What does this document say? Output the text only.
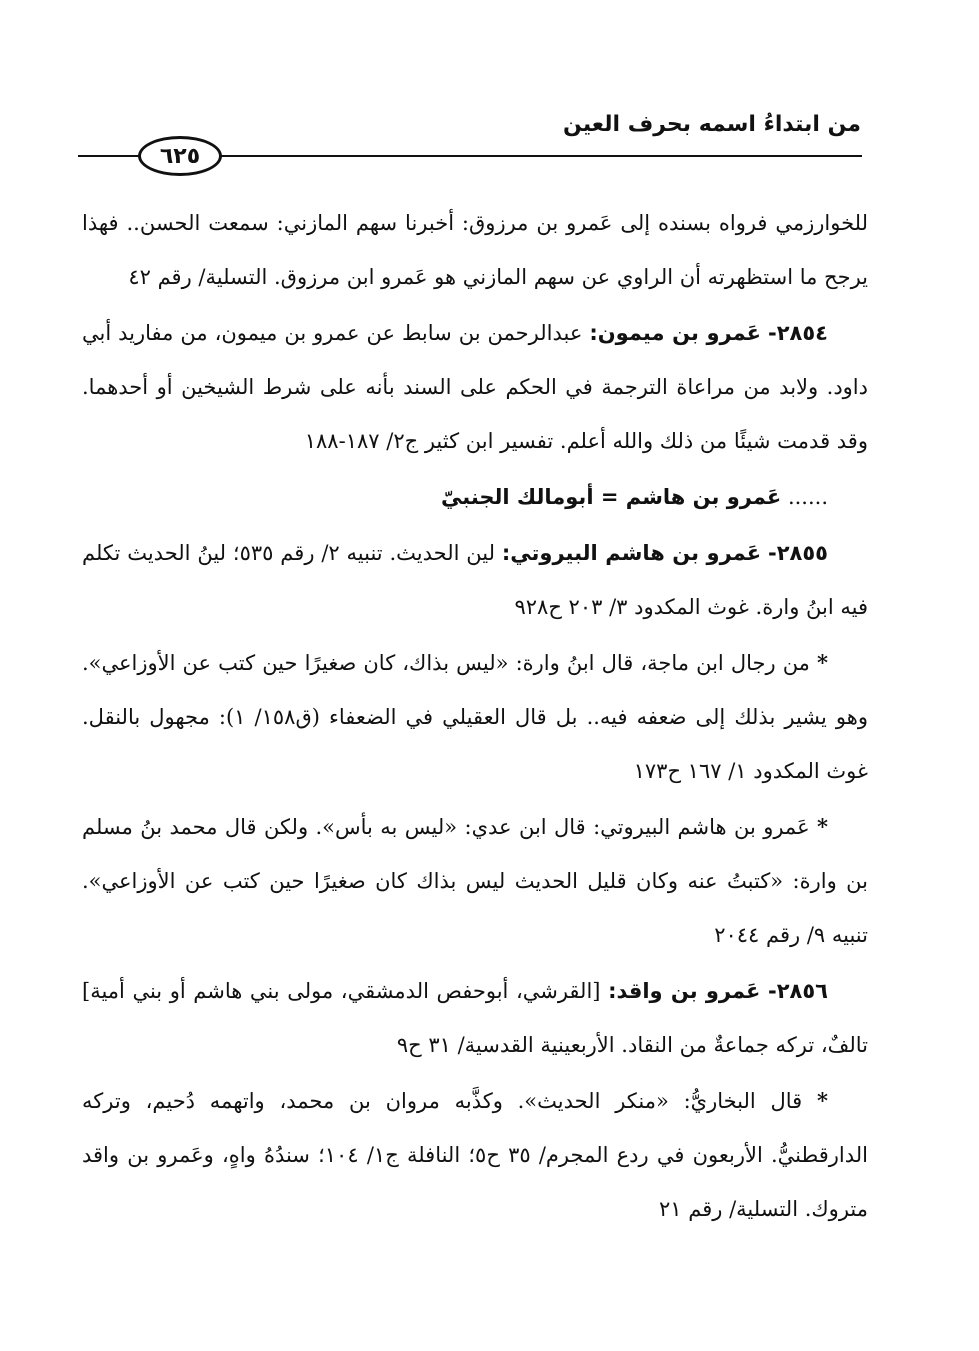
من ابتداءُ اسمه بحرف العين
٦٢٥

للخوارزمي فرواه بسنده إلى عَمرو بن مرزوق: أخبرنا سهم المازني: سمعت الحسن.. فهذا يرجح ما استظهرته أن الراوي عن سهم المازني هو عَمرو ابن مرزوق. التسلية/ رقم ٤٢

٢٨٥٤- عَمرو بن ميمون: عبدالرحمن بن سابط عن عمرو بن ميمون، من مفاريد أبي داود. ولابد من مراعاة الترجمة في الحكم على السند بأنه على شرط الشيخين أو أحدهما. وقد قدمت شيئًا من ذلك والله أعلم. تفسير ابن كثير ج٢/ ١٨٧-١٨٨

...... عَمرو بن هاشم = أبومالك الجنبيّ

٢٨٥٥- عَمرو بن هاشم البيروتي: لين الحديث. تنبيه ٢/ رقم ٥٣٥؛ لينُ الحديث تكلم فيه ابنُ وارة. غوث المكدود ٣/ ٢٠٣ ح٩٢٨

* من رجال ابن ماجة، قال ابنُ وارة: «ليس بذاك، كان صغيرًا حين كتب عن الأوزاعي». وهو يشير بذلك إلى ضعفه فيه.. بل قال العقيلي في الضعفاء (ق١٥٨/ ١): مجهول بالنقل. غوث المكدود ١/ ١٦٧ ح١٧٣

* عَمرو بن هاشم البيروتي: قال ابن عدي: «ليس به بأس». ولكن قال محمد بنُ مسلم بن وارة: «كتبتُ عنه وكان قليل الحديث ليس بذاك كان صغيرًا حين كتب عن الأوزاعي». تنبيه ٩/ رقم ٢٠٤٤

٢٨٥٦- عَمرو بن واقد: [القرشي، أبوحفص الدمشقي، مولى بني هاشم أو بني أمية] تالفٌ، تركه جماعةٌ من النقاد. الأربعينية القدسية/ ٣١ ح٩

* قال البخاريُّ: «منكر الحديث». وكذَّبه مروان بن محمد، واتهمه دُحيم، وتركه الدارقطنيُّ. الأربعون في ردع المجرم/ ٣٥ ح٥؛ النافلة ج١/ ١٠٤؛ سندُهُ واهٍ، وعَمرو بن واقد متروك. التسلية/ رقم ٢١
